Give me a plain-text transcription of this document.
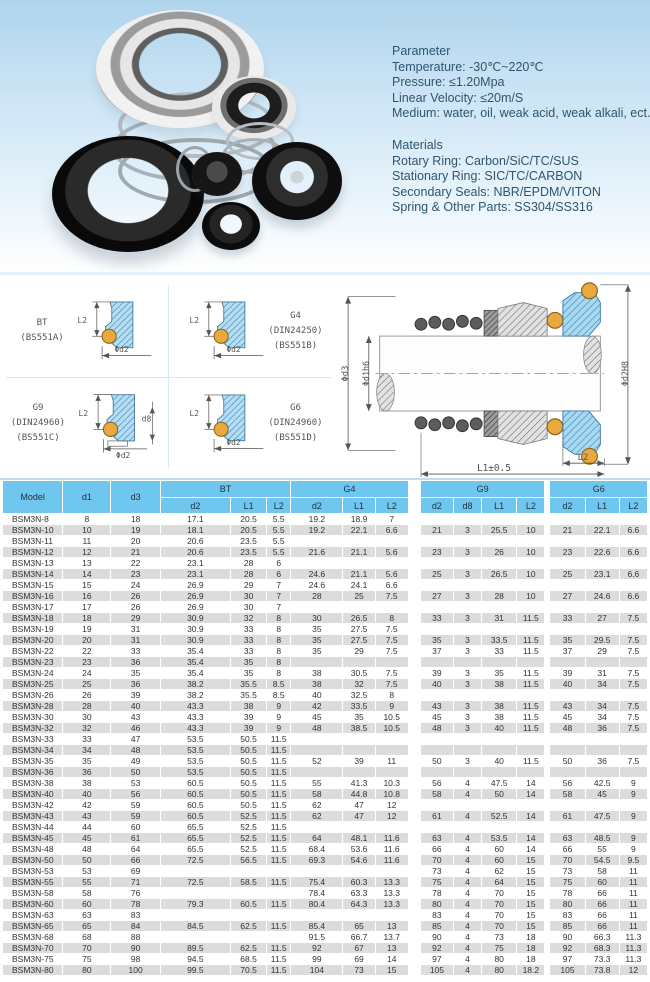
Parameter
Temperature: -30℃~220℃
Pressure: ≤1.20Mpa
Linear Velocity: ≤20m/S
Medium: water, oil, weak acid, weak alkali, ect.
Materials
Rotary Ring: Carbon/SiC/TC/SUS
Stationary Ring: SIC/TC/CARBON
Secondary Seals: NBR/EPDM/VITON
Spring & Other Parts: SS304/SS316
BT
(BS551A)
L2
Φd2
L2
Φd2
G4
(DIN24250)
(BS551B)
G9
(DIN24960)
(BS551C)
L2
d8
Φd2
L2
Φd2
G6
(DIN24960)
(BS551D)
Φd3 Φd1h6	Φd2H8
L2
L1±0.5
Model	d1	d3	BT			G4				G9					G6		
			d2	L1	L2	d2	L1	L2		d2	d8	L1	L2		d2	L1	L2
BSM3N-8	8	18	17.1	20.5	5.5	19.2	18.9	7									
BSM3N-10	10	19	18.1	20.5	5.5	19.2	22.1	6.6		21	3	25.5	10		21	22.1	6.6
BSM3N-11	11	20	20.6	23.5	5.5												
BSM3N-12	12	21	20.6	23.5	5.5	21.6	21.1	5.6		23	3	26	10		23	22.6	6.6
BSM3N-13	13	22	23.1	28	6												
BSM3N-14	14	23	23.1	28	6	24.6	21.1	5.6		25	3	26.5	10		25	23.1	6.6
BSM3N-15	15	24	26.9	29	7	24.6	24.1	6.6									
BSM3N-16	16	26	26.9	30	7	28	25	7.5		27	3	28	10		27	24.6	6.6
BSM3N-17	17	26	26.9	30	7												
BSM3N-18	18	29	30.9	32	8	30	26.5	8		33	3	31	11.5		33	27	7.5
BSM3N-19	19	31	30.9	33	8	35	27.5	7.5									
BSM3N-20	20	31	30.9	33	8	35	27.5	7.5		35	3	33.5	11.5		35	29.5	7.5
BSM3N-22	22	33	35.4	33	8	35	29	7.5		37	3	33	11.5		37	29	7.5
BSM3N-23	23	36	35.4	35	8												
BSM3N-24	24	35	35.4	35	8	38	30.5	7.5		39	3	35	11.5		39	31	7.5
BSM3N-25	25	36	38.2	35.5	8.5	38	32	7.5		40	3	38	11.5		40	34	7.5
BSM3N-26	26	39	38.2	35.5	8.5	40	32.5	8									
BSM3N-28	28	40	43.3	38	9	42	33.5	9		43	3	38	11.5		43	34	7.5
BSM3N-30	30	43	43.3	39	9	45	35	10.5		45	3	38	11.5		45	34	7.5
BSM3N-32	32	46	43.3	39	9	48	38.5	10.5		48	3	40	11.5		48	36	7.5
BSM3N-33	33	47	53.5	50.5	11.5												
BSM3N-34	34	48	53.5	50.5	11.5												
BSM3N-35	35	49	53.5	50.5	11.5	52	39	11		50	3	40	11.5		50	36	7.5
BSM3N-36	36	50	53.5	50.5	11.5												
BSM3N-38	38	53	60.5	50.5	11.5	55	41.3	10.3		56	4	47.5	14		56	42.5	9
BSM3N-40	40	56	60.5	50.5	11.5	58	44.8	10.8		58	4	50	14		58	45	9
BSM3N-42	42	59	60.5	50.5	11.5	62	47	12									
BSM3N-43	43	59	60.5	52.5	11.5	62	47	12		61	4	52.5	14		61	47.5	9
BSM3N-44	44	60	65.5	52.5	11.5												
BSM3N-45	45	61	65.5	52.5	11.5	64	48.1	11.6		63	4	53.5	14		63	48.5	9
BSM3N-48	48	64	65.5	52.5	11.5	68.4	53.6	11.6		66	4	60	14		66	55	9
BSM3N-50	50	66	72.5	56.5	11.5	69.3	54.6	11.6		70	4	60	15		70	54.5	9.5
BSM3N-53	53	69								73	4	62	15		73	58	11
BSM3N-55	55	71	72.5	58.5	11.5	75.4	60.3	13.3		75	4	64	15		75	60	11
BSM3N-58	58	76				78.4	63.3	13.3		78	4	70	15		78	66	11
BSM3N-60	60	78	79.3	60.5	11.5	80.4	64.3	13.3		80	4	70	15		80	66	11
BSM3N-63	63	83								83	4	70	15		83	66	11
BSM3N-65	65	84	84.5	62.5	11.5	85.4	65	13		85	4	70	15		85	66	11
BSM3N-68	68	88				91.5	66.7	13.7		90	4	73	18		90	66.3	11.3
BSM3N-70	70	90	89.5	62.5	11.5	92	67	13		92	4	75	18		92	68.3	11.3
BSM3N-75	75	98	94.5	68.5	11.5	99	69	14		97	4	80	18		97	73.3	11.3
BSM3N-80	80	100	99.5	70.5	11.5	104	73	15		105	4	80	18.2		105	73.8	12
